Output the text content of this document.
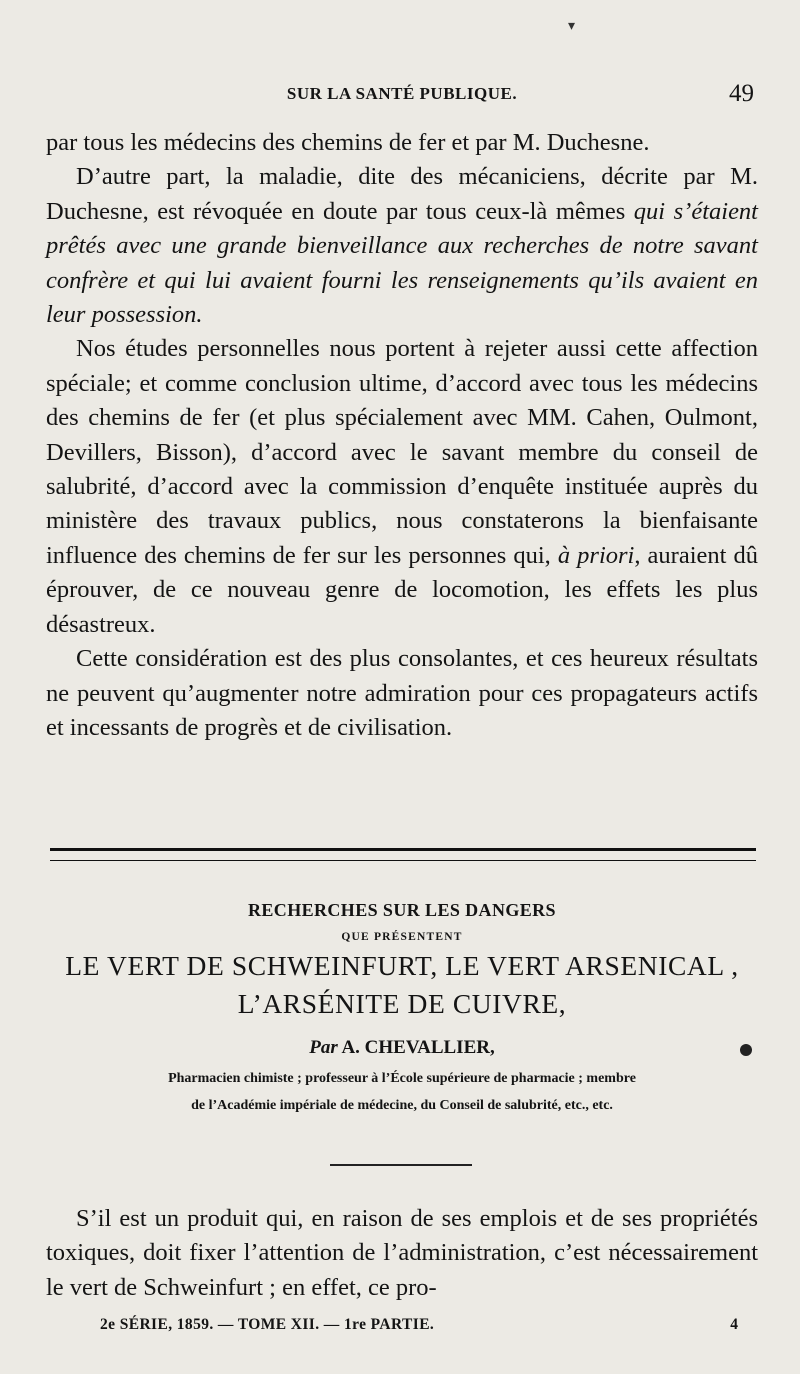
▾
SUR LA SANTÉ PUBLIQUE.	49

par tous les médecins des chemins de fer et par M. Duchesne.

D’autre part, la maladie, dite des mécaniciens, décrite par M. Duchesne, est révoquée en doute par tous ceux-là mêmes qui s’étaient prêtés avec une grande bienveillance aux recherches de notre savant confrère et qui lui avaient fourni les renseignements qu’ils avaient en leur possession.

Nos études personnelles nous portent à rejeter aussi cette affection spéciale; et comme conclusion ultime, d’accord avec tous les médecins des chemins de fer (et plus spécialement avec MM. Cahen, Oulmont, Devillers, Bisson), d’accord avec le savant membre du conseil de salubrité, d’accord avec la commission d’enquête instituée auprès du ministère des travaux publics, nous constaterons la bienfaisante influence des chemins de fer sur les personnes qui, à priori, auraient dû éprouver, de ce nouveau genre de locomotion, les effets les plus désastreux.

Cette considération est des plus consolantes, et ces heureux résultats ne peuvent qu’augmenter notre admiration pour ces propagateurs actifs et incessants de progrès et de civilisation.

RECHERCHES SUR LES DANGERS
QUE PRÉSENTENT
LE VERT DE SCHWEINFURT, LE VERT ARSENICAL ,
L’ARSÉNITE DE CUIVRE,
Par A. CHEVALLIER,
Pharmacien chimiste ; professeur à l’École supérieure de pharmacie ; membre
de l’Académie impériale de médecine, du Conseil de salubrité, etc., etc.

S’il est un produit qui, en raison de ses emplois et de ses propriétés toxiques, doit fixer l’attention de l’administration, c’est nécessairement le vert de Schweinfurt ; en effet, ce pro-

2e SÉRIE, 1859. — TOME XII. — 1re PARTIE.	4
